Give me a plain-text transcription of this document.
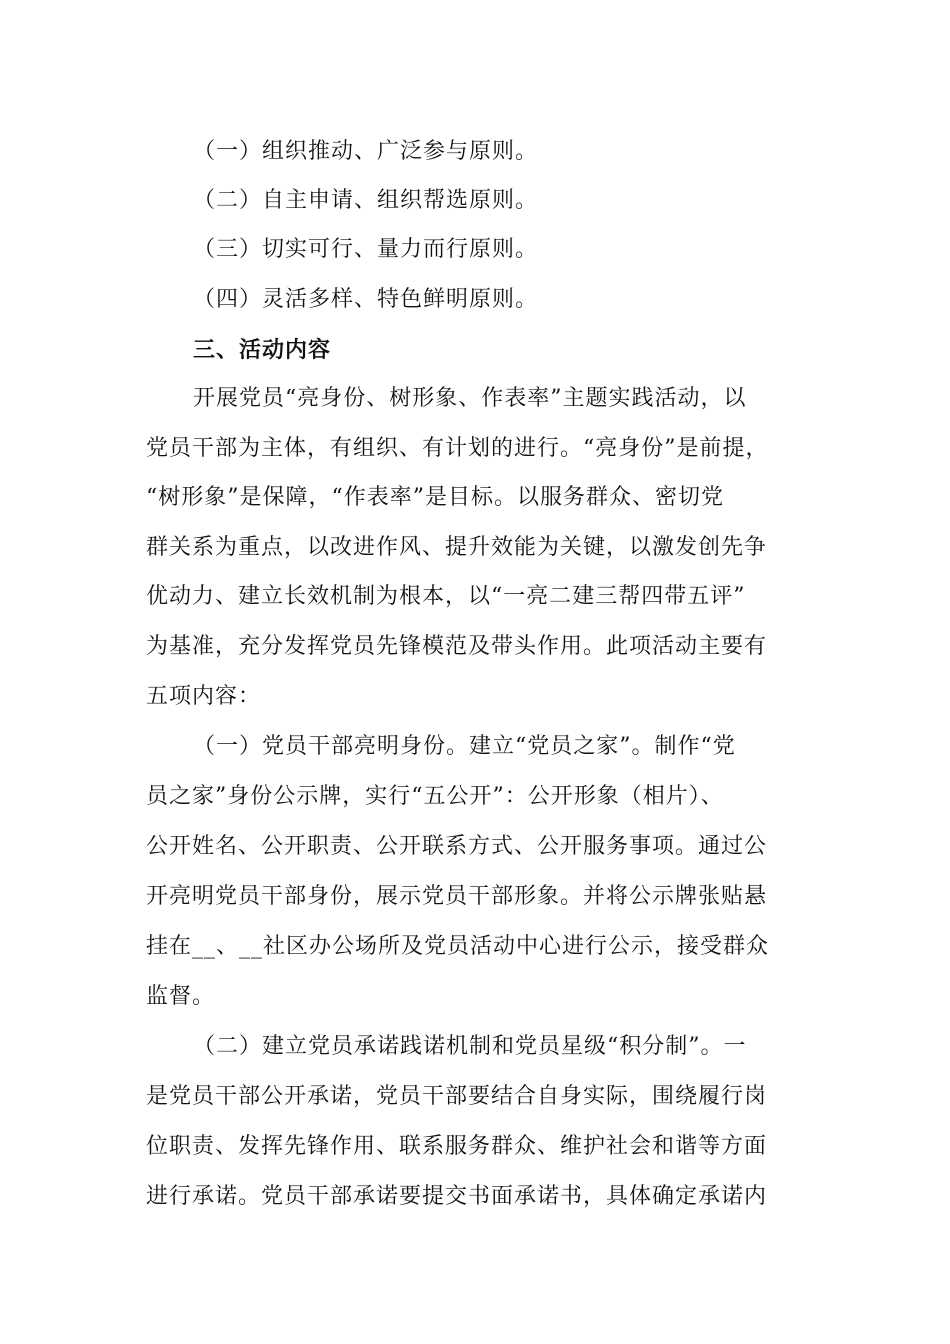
（一）组织推动、广泛参与原则。
（二）自主申请、组织帮选原则。
（三）切实可行、量力而行原则。
（四）灵活多样、特色鲜明原则。
三、活动内容
开展党员“亮身份、树形象、作表率”主题实践活动，以
党员干部为主体，有组织、有计划的进行。“亮身份”是前提，
“树形象”是保障，“作表率”是目标。以服务群众、密切党
群关系为重点，以改进作风、提升效能为关键，以激发创先争
优动力、建立长效机制为根本，以“一亮二建三帮四带五评”
为基准，充分发挥党员先锋模范及带头作用。此项活动主要有
五项内容：
（一）党员干部亮明身份。建立“党员之家”。制作“党
员之家”身份公示牌，实行“五公开”：公开形象（相片）、
公开姓名、公开职责、公开联系方式、公开服务事项。通过公
开亮明党员干部身份，展示党员干部形象。并将公示牌张贴悬
挂在__、__社区办公场所及党员活动中心进行公示，接受群众
监督。
（二）建立党员承诺践诺机制和党员星级“积分制”。一
是党员干部公开承诺，党员干部要结合自身实际，围绕履行岗
位职责、发挥先锋作用、联系服务群众、维护社会和谐等方面
进行承诺。党员干部承诺要提交书面承诺书，具体确定承诺内
